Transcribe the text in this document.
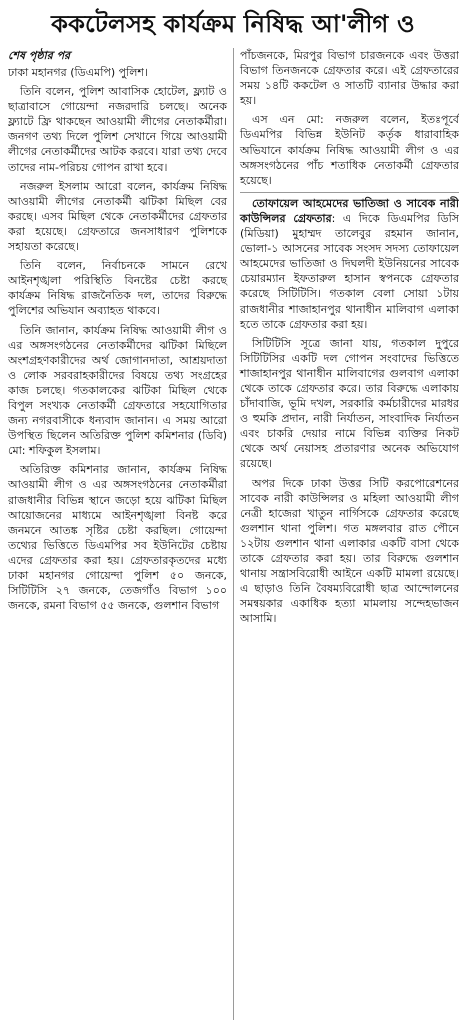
ককটেলসহ কার্যক্রম নিষিদ্ধ আ'লীগ ও
শেষ পৃষ্ঠার পর

ঢাকা মহানগর (ডিএমপি) পুলিশ।

তিনি বলেন, পুলিশ আবাসিক হোটেল, ফ্ল্যাট ও ছাত্রাবাসে গোয়েন্দা নজরদারি চলছে। অনেক ফ্ল্যাটে ফ্রি থাকছেন আওয়ামী লীগের নেতাকর্মীরা। জনগণ তথ্য দিলে পুলিশ সেখানে গিয়ে আওয়ামী লীগের নেতাকর্মীদের আটক করবে। যারা তথ্য দেবে তাদের নাম-পরিচয় গোপন রাখা হবে।

নজরুল ইসলাম আরো বলেন, কার্যক্রম নিষিদ্ধ আওয়ামী লীগের নেতাকর্মী ঝটিকা মিছিল বের করছে। এসব মিছিল থেকে নেতাকর্মীদের গ্রেফতার করা হয়েছে। গ্রেফতারে জনসাধারণ পুলিশকে সহায়তা করেছে।

তিনি বলেন, নির্বাচনকে সামনে রেখে আইনশৃঙ্খলা পরিস্থিতি বিনষ্টের চেষ্টা করছে কার্যক্রম নিষিদ্ধ রাজনৈতিক দল, তাদের বিরুদ্ধে পুলিশের অভিযান অব্যাহত থাকবে।

তিনি জানান, কার্যক্রম নিষিদ্ধ আওয়ামী লীগ ও এর অঙ্গসংগঠনের নেতাকর্মীদের ঝটিকা মিছিলে অংশগ্রহণকারীদের অর্থ জোগানদাতা, আশ্রয়দাতা ও লোক সরবরাহকারীদের বিষয়ে তথ্য সংগ্রহের কাজ চলছে। গতকালকের ঝটিকা মিছিল থেকে বিপুল সংখ্যক নেতাকর্মী গ্রেফতারে সহযোগিতার জন্য নগরবাসীকে ধন্যবাদ জানান। এ সময় আরো উপস্থিত ছিলেন অতিরিক্ত পুলিশ কমিশনার (ডিবি) মো: শফিকুল ইসলাম।

অতিরিক্ত কমিশনার জানান, কার্যক্রম নিষিদ্ধ আওয়ামী লীগ ও এর অঙ্গসংগঠনের নেতাকর্মীরা রাজধানীর বিভিন্ন স্থানে জড়ো হয়ে ঝটিকা মিছিল আয়োজনের মাধ্যমে আইনশৃঙ্খলা বিনষ্ট করে জনমনে আতঙ্ক সৃষ্টির চেষ্টা করছিল। গোয়েন্দা তথ্যের ভিত্তিতে ডিএমপির সব ইউনিটের চেষ্টায় এদের গ্রেফতার করা হয়। গ্রেফতারকৃতদের মধ্যে ঢাকা মহানগর গোয়েন্দা পুলিশ ৫০ জনকে, সিটিটিসি ২৭ জনকে, তেজগাঁও বিভাগ ১০০ জনকে, রমনা বিভাগ ৫৫ জনকে, গুলশান বিভাগ

পাঁচজনকে, মিরপুর বিভাগ চারজনকে এবং উত্তরা বিভাগ তিনজনকে গ্রেফতার করে। এই গ্রেফতারের সময় ১৪টি ককটেল ও সাতটি ব্যানার উদ্ধার করা হয়।

এস এন মো: নজরুল বলেন, ইতঃপূর্বে ডিএমপির বিভিন্ন ইউনিট কর্তৃক ধারাবাহিক অভিযানে কার্যক্রম নিষিদ্ধ আওয়ামী লীগ ও এর অঙ্গসংগঠনের পাঁচ শতাধিক নেতাকর্মী গ্রেফতার হয়েছে।

তোফায়েল আহমেদের ভাতিজা ও সাবেক নারী কাউন্সিলর গ্রেফতার: এ দিকে ডিএমপির ডিসি (মিডিয়া) মুহাম্মদ তালেবুর রহমান জানান, ভোলা-১ আসনের সাবেক সংসদ সদস্য তোফায়েল আহমেদের ভাতিজা ও দিঘলদী ইউনিয়নের সাবেক চেয়ারম্যান ইফতারুল হাসান স্বপনকে গ্রেফতার করেছে সিটিটিসি। গতকাল বেলা সোয়া ১টায় রাজধানীর শাজাহানপুর থানাধীন মালিবাগ এলাকা হতে তাকে গ্রেফতার করা হয়।

সিটিটিসি সূত্রে জানা যায়, গতকাল দুপুরে সিটিটিসির একটি দল গোপন সংবাদের ভিত্তিতে শাজাহানপুর থানাধীন মালিবাগের গুলবাগ এলাকা থেকে তাকে গ্রেফতার করে। তার বিরুদ্ধে এলাকায় চাঁদাবাজি, ভূমি দখল, সরকারি কর্মচারীদের মারধর ও হুমকি প্রদান, নারী নির্যাতন, সাংবাদিক নির্যাতন এবং চাকরি দেয়ার নামে বিভিন্ন ব্যক্তির নিকট থেকে অর্থ নেয়াসহ প্রতারণার অনেক অভিযোগ রয়েছে।

অপর দিকে ঢাকা উত্তর সিটি করপোরেশনের সাবেক নারী কাউন্সিলর ও মহিলা আওয়ামী লীগ নেত্রী হাজেরা খাতুন নার্গিসকে গ্রেফতার করেছে গুলশান থানা পুলিশ। গত মঙ্গলবার রাত পৌনে ১২টায় গুলশান থানা এলাকার একটি বাসা থেকে তাকে গ্রেফতার করা হয়। তার বিরুদ্ধে গুলশান থানায় সন্ত্রাসবিরোধী আইনে একটি মামলা রয়েছে। এ ছাড়াও তিনি বৈষম্যবিরোধী ছাত্র আন্দোলনের সমন্বয়কার একাধিক হত্যা মামলায় সন্দেহভাজন আসামি।
